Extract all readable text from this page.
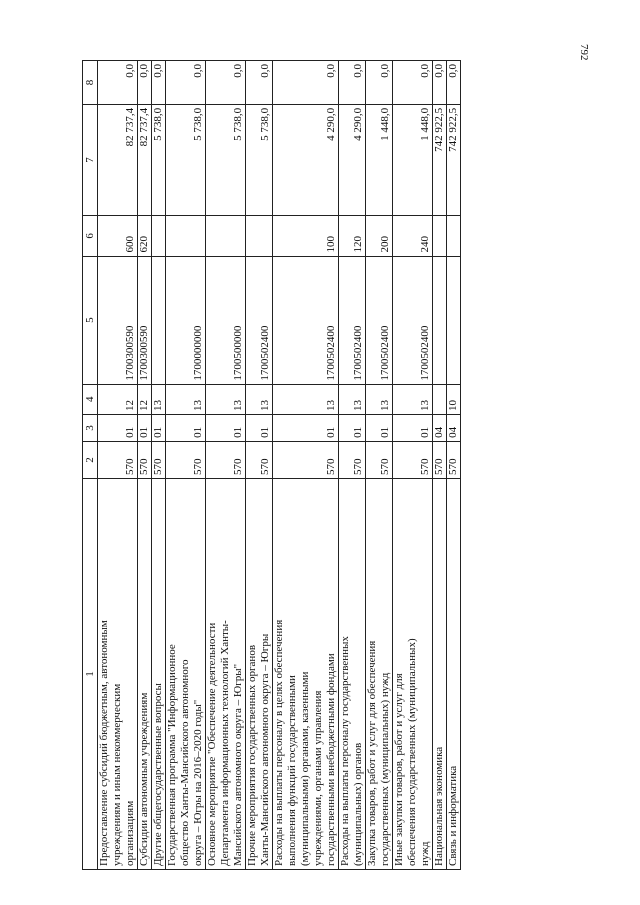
792
1	2	3	4	5	6	7	8

Предоставление субсидий бюджетным, автономным учреждениям и иным некоммерческим организациям	570	01	12	1700300590	600	82 737,4	0,0

Субсидии автономным учреждениям	570	01	12	1700300590	620	82 737,4	0,0

Другие общегосударственные вопросы	570	01	13			5 738,0	0,0

Государственная программа "Информационное общество Ханты-Мансийского автономного округа – Югры на 2016–2020 годы"	570	01	13	1700000000		5 738,0	0,0

Основное мероприятие "Обеспечение деятельности Департамента информационных технологий Ханты- Мансийского автономного округа – Югры"	570	01	13	1700500000		5 738,0	0,0

Прочие мероприятия государственных органов Ханты-Мансийского автономного округа – Югры	570	01	13	1700502400		5 738,0	0,0

Расходы на выплаты персоналу в целях обеспечения выполнения функций государственными (муниципальными) органами, казенными учреждениями, органами управления государственными внебюджетными фондами	570	01	13	1700502400	100	4 290,0	0,0

Расходы на выплаты персоналу государственных (муниципальных) органов	570	01	13	1700502400	120	4 290,0	0,0

Закупка товаров, работ и услуг для обеспечения государственных (муниципальных) нужд	570	01	13	1700502400	200	1 448,0	0,0

Иные закупки товаров, работ и услуг для обеспечения государственных (муниципальных) нужд	570	01	13	1700502400	240	1 448,0	0,0

Национальная экономика	570	04				742 922,5	0,0

Связь и информатика	570	04	10			742 922,5	0,0
